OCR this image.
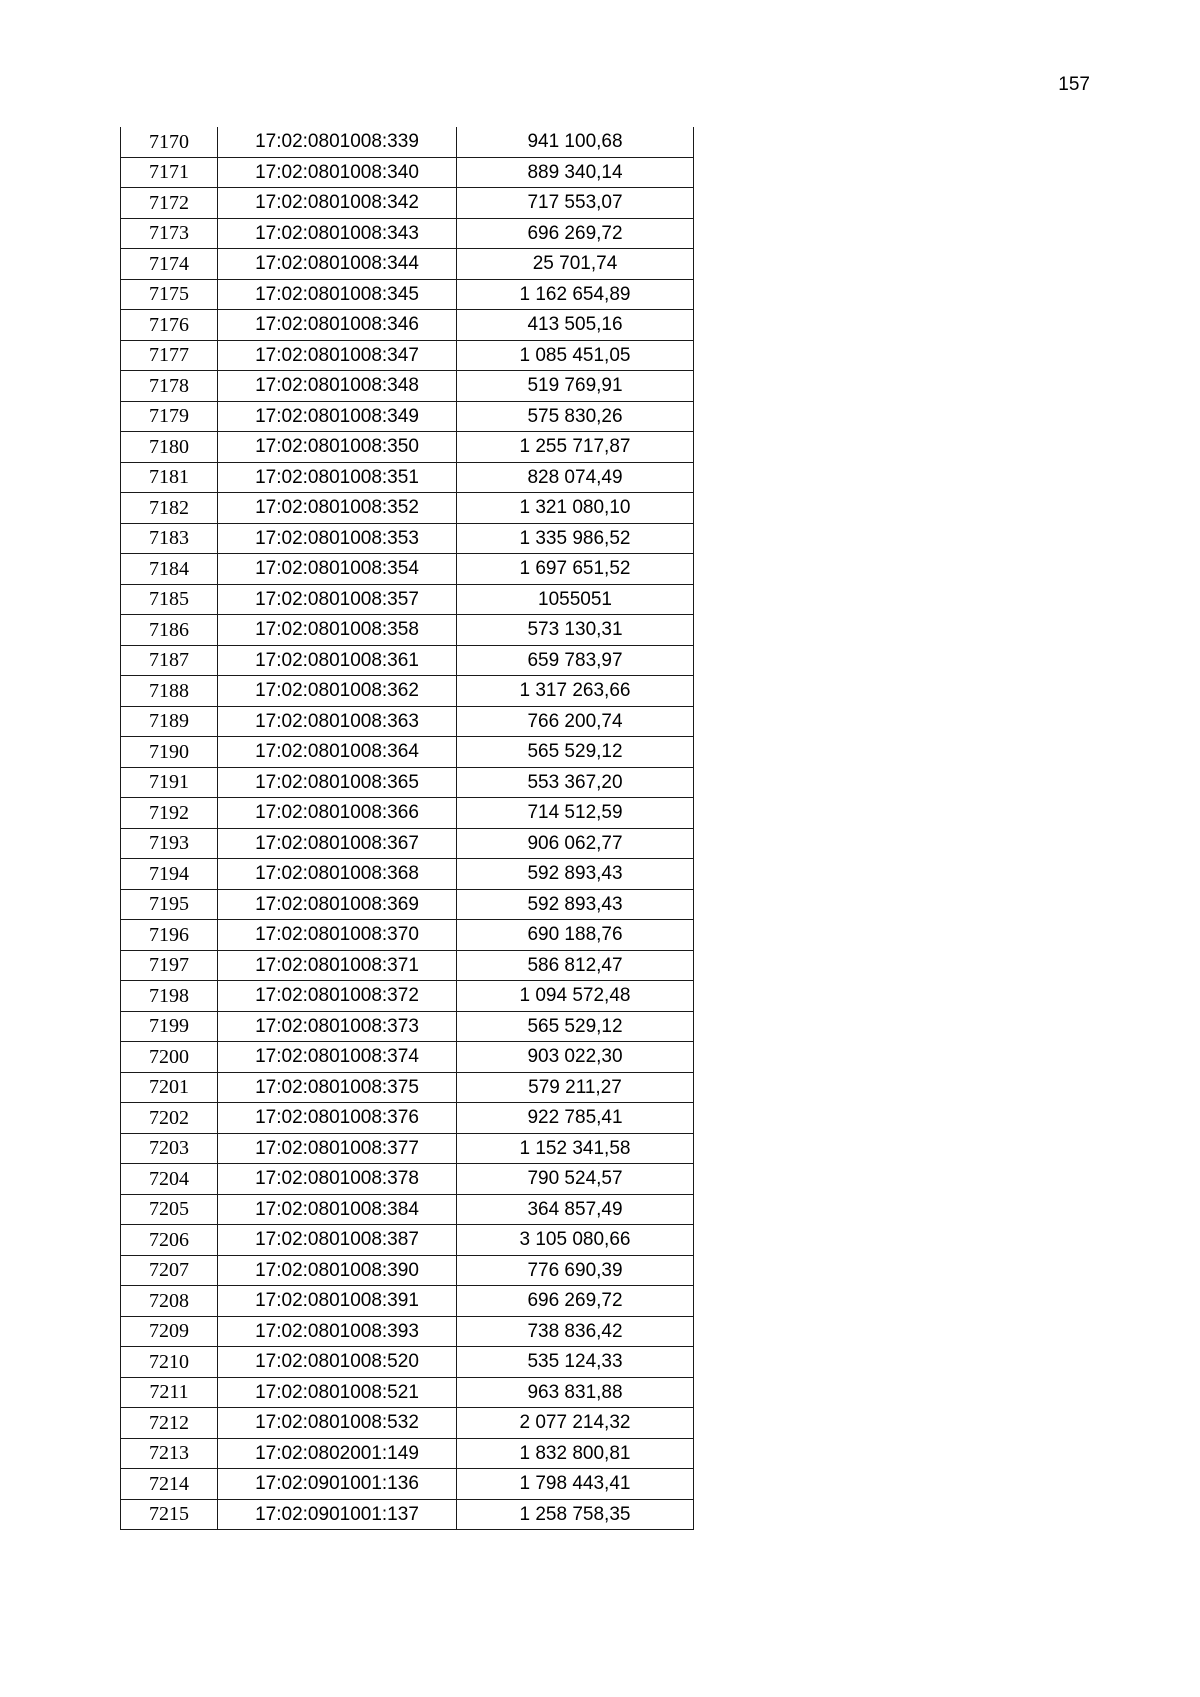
157
7170	17:02:0801008:339	941 100,68
7171	17:02:0801008:340	889 340,14
7172	17:02:0801008:342	717 553,07
7173	17:02:0801008:343	696 269,72
7174	17:02:0801008:344	25 701,74
7175	17:02:0801008:345	1 162 654,89
7176	17:02:0801008:346	413 505,16
7177	17:02:0801008:347	1 085 451,05
7178	17:02:0801008:348	519 769,91
7179	17:02:0801008:349	575 830,26
7180	17:02:0801008:350	1 255 717,87
7181	17:02:0801008:351	828 074,49
7182	17:02:0801008:352	1 321 080,10
7183	17:02:0801008:353	1 335 986,52
7184	17:02:0801008:354	1 697 651,52
7185	17:02:0801008:357	1055051
7186	17:02:0801008:358	573 130,31
7187	17:02:0801008:361	659 783,97
7188	17:02:0801008:362	1 317 263,66
7189	17:02:0801008:363	766 200,74
7190	17:02:0801008:364	565 529,12
7191	17:02:0801008:365	553 367,20
7192	17:02:0801008:366	714 512,59
7193	17:02:0801008:367	906 062,77
7194	17:02:0801008:368	592 893,43
7195	17:02:0801008:369	592 893,43
7196	17:02:0801008:370	690 188,76
7197	17:02:0801008:371	586 812,47
7198	17:02:0801008:372	1 094 572,48
7199	17:02:0801008:373	565 529,12
7200	17:02:0801008:374	903 022,30
7201	17:02:0801008:375	579 211,27
7202	17:02:0801008:376	922 785,41
7203	17:02:0801008:377	1 152 341,58
7204	17:02:0801008:378	790 524,57
7205	17:02:0801008:384	364 857,49
7206	17:02:0801008:387	3 105 080,66
7207	17:02:0801008:390	776 690,39
7208	17:02:0801008:391	696 269,72
7209	17:02:0801008:393	738 836,42
7210	17:02:0801008:520	535 124,33
7211	17:02:0801008:521	963 831,88
7212	17:02:0801008:532	2 077 214,32
7213	17:02:0802001:149	1 832 800,81
7214	17:02:0901001:136	1 798 443,41
7215	17:02:0901001:137	1 258 758,35
